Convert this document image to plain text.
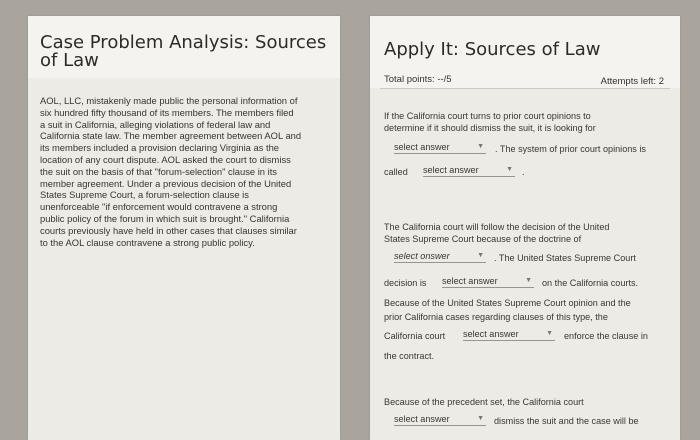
Case Problem Analysis: Sources of Law
AOL, LLC, mistakenly made public the personal information of
six hundred fifty thousand of its members. The members filed
a suit in California, alleging violations of federal law and
California state law. The member agreement between AOL and
its members included a provision declaring Virginia as the
location of any court dispute. AOL asked the court to dismiss
the suit on the basis of that "forum-selection" clause in its
member agreement. Under a previous decision of the United
States Supreme Court, a forum-selection clause is
unenforceable "if enforcement would contravene a strong
public policy of the forum in which suit is brought." California
courts previously have held in other cases that clauses similar
to the AOL clause contravene a strong public policy.
Apply It: Sources of Law
Total points: --/5	Attempts left: 2

If the California court turns to prior court opinions to

determine if it should dismiss the suit, it is looking for

select answer	▼ . The system of prior court opinions is

called select answer	▼ .

The California court will follow the decision of the United

States Supreme Court because of the doctrine of

select onswer	▼ . The United States Supreme Court

decision is select answer	▼ on the California courts.

Because of the United States Supreme Court opinion and the

prior California cases regarding clauses of this type, the

California court select answer	▼ enforce the clause in

the contract.

Because of the precedent set, the California court

select answer	▼ dismiss the suit and the case will be
